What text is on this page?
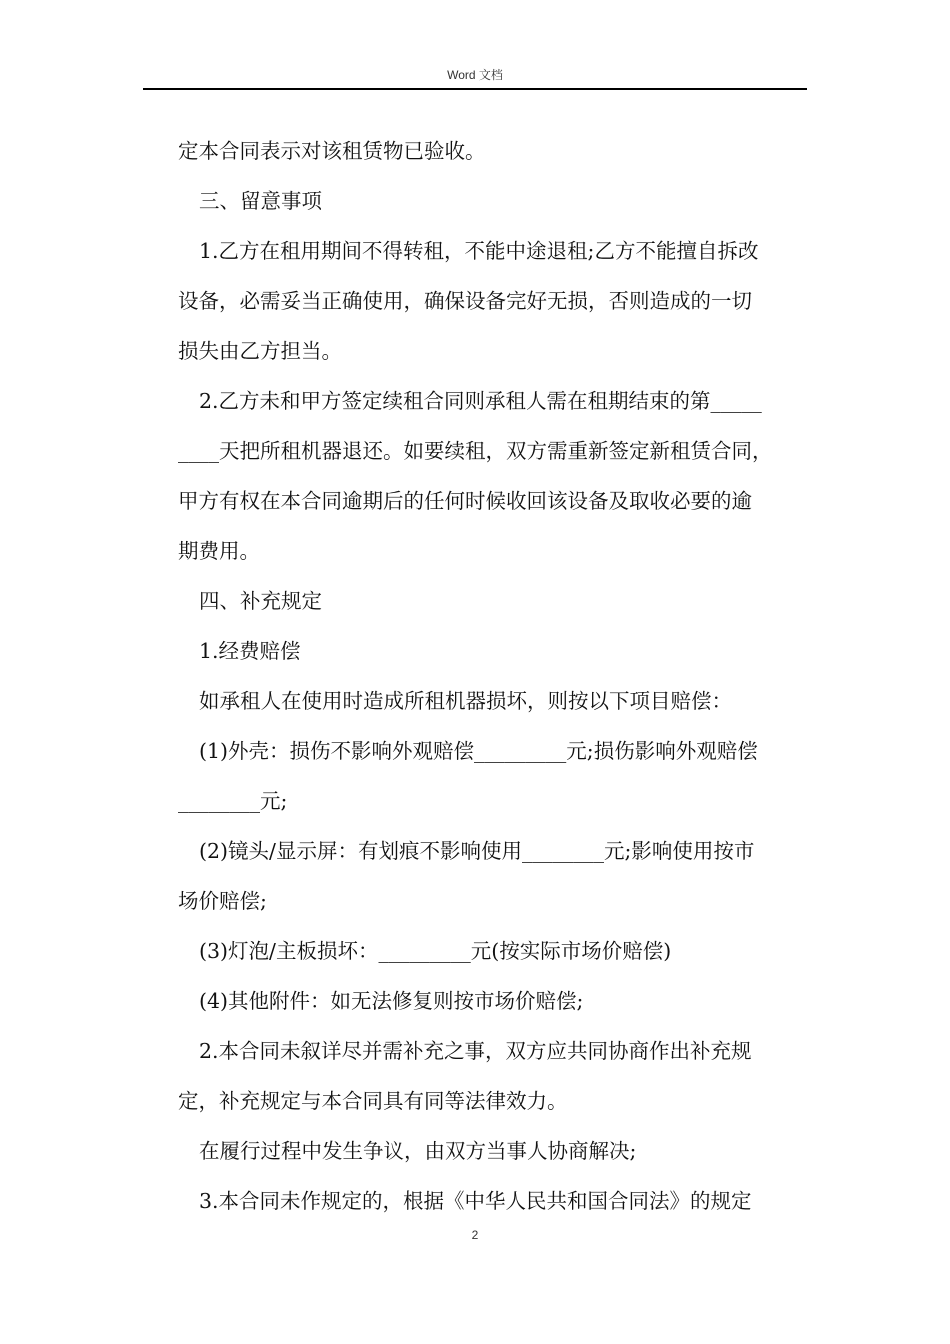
Word 文档
定本合同表示对该租赁物已验收。
三、留意事项
1.乙方在租用期间不得转租，不能中途退租;乙方不能擅自拆改
设备，必需妥当正确使用，确保设备完好无损，否则造成的一切
损失由乙方担当。
2.乙方未和甲方签定续租合同则承租人需在租期结束的第_____
____天把所租机器退还。如要续租，双方需重新签定新租赁合同，
甲方有权在本合同逾期后的任何时候收回该设备及取收必要的逾
期费用。
四、补充规定
1.经费赔偿
如承租人在使用时造成所租机器损坏，则按以下项目赔偿：
(1)外壳：损伤不影响外观赔偿_________元;损伤影响外观赔偿
________元;
(2)镜头/显示屏：有划痕不影响使用________元;影响使用按市
场价赔偿;
(3)灯泡/主板损坏：_________元(按实际市场价赔偿)
(4)其他附件：如无法修复则按市场价赔偿;
2.本合同未叙详尽并需补充之事，双方应共同协商作出补充规
定，补充规定与本合同具有同等法律效力。
在履行过程中发生争议，由双方当事人协商解决;
3.本合同未作规定的，根据《中华人民共和国合同法》的规定
2
